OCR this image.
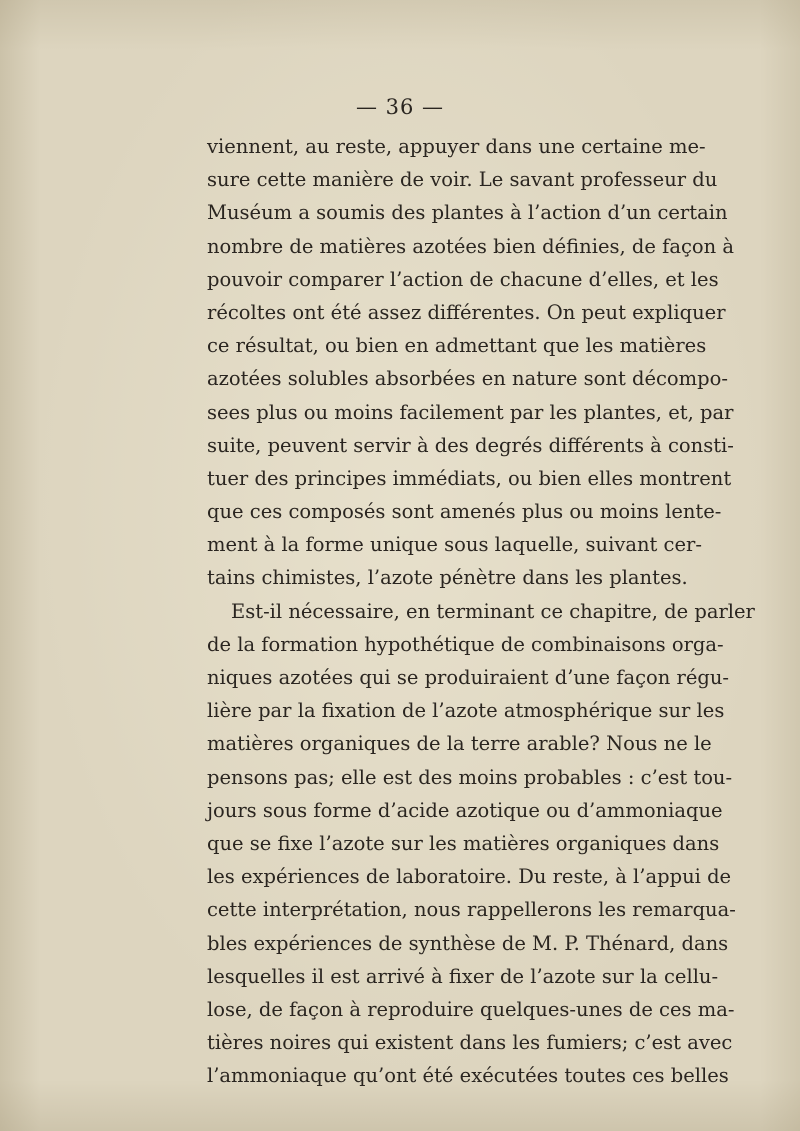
— 36 —
viennent, au reste, appuyer dans une certaine me-
sure cette manière de voir. Le savant professeur du
Muséum a soumis des plantes à l’action d’un certain
nombre de matières azotées bien définies, de façon à
pouvoir comparer l’action de chacune d’elles, et les
récoltes ont été assez différentes. On peut expliquer
ce résultat, ou bien en admettant que les matières
azotées solubles absorbées en nature sont décompo-
sees plus ou moins facilement par les plantes, et, par
suite, peuvent servir à des degrés différents à consti-
tuer des principes immédiats, ou bien elles montrent
que ces composés sont amenés plus ou moins lente-
ment à la forme unique sous laquelle, suivant cer-
tains chimistes, l’azote pénètre dans les plantes.
Est-il nécessaire, en terminant ce chapitre, de parler
de la formation hypothétique de combinaisons orga-
niques azotées qui se produiraient d’une façon régu-
lière par la fixation de l’azote atmosphérique sur les
matières organiques de la terre arable? Nous ne le
pensons pas; elle est des moins probables : c’est tou-
jours sous forme d’acide azotique ou d’ammoniaque
que se fixe l’azote sur les matières organiques dans
les expériences de laboratoire. Du reste, à l’appui de
cette interprétation, nous rappellerons les remarqua-
bles expériences de synthèse de M. P. Thénard, dans
lesquelles il est arrivé à fixer de l’azote sur la cellu-
lose, de façon à reproduire quelques-unes de ces ma-
tières noires qui existent dans les fumiers; c’est avec
l’ammoniaque qu’ont été exécutées toutes ces belles
